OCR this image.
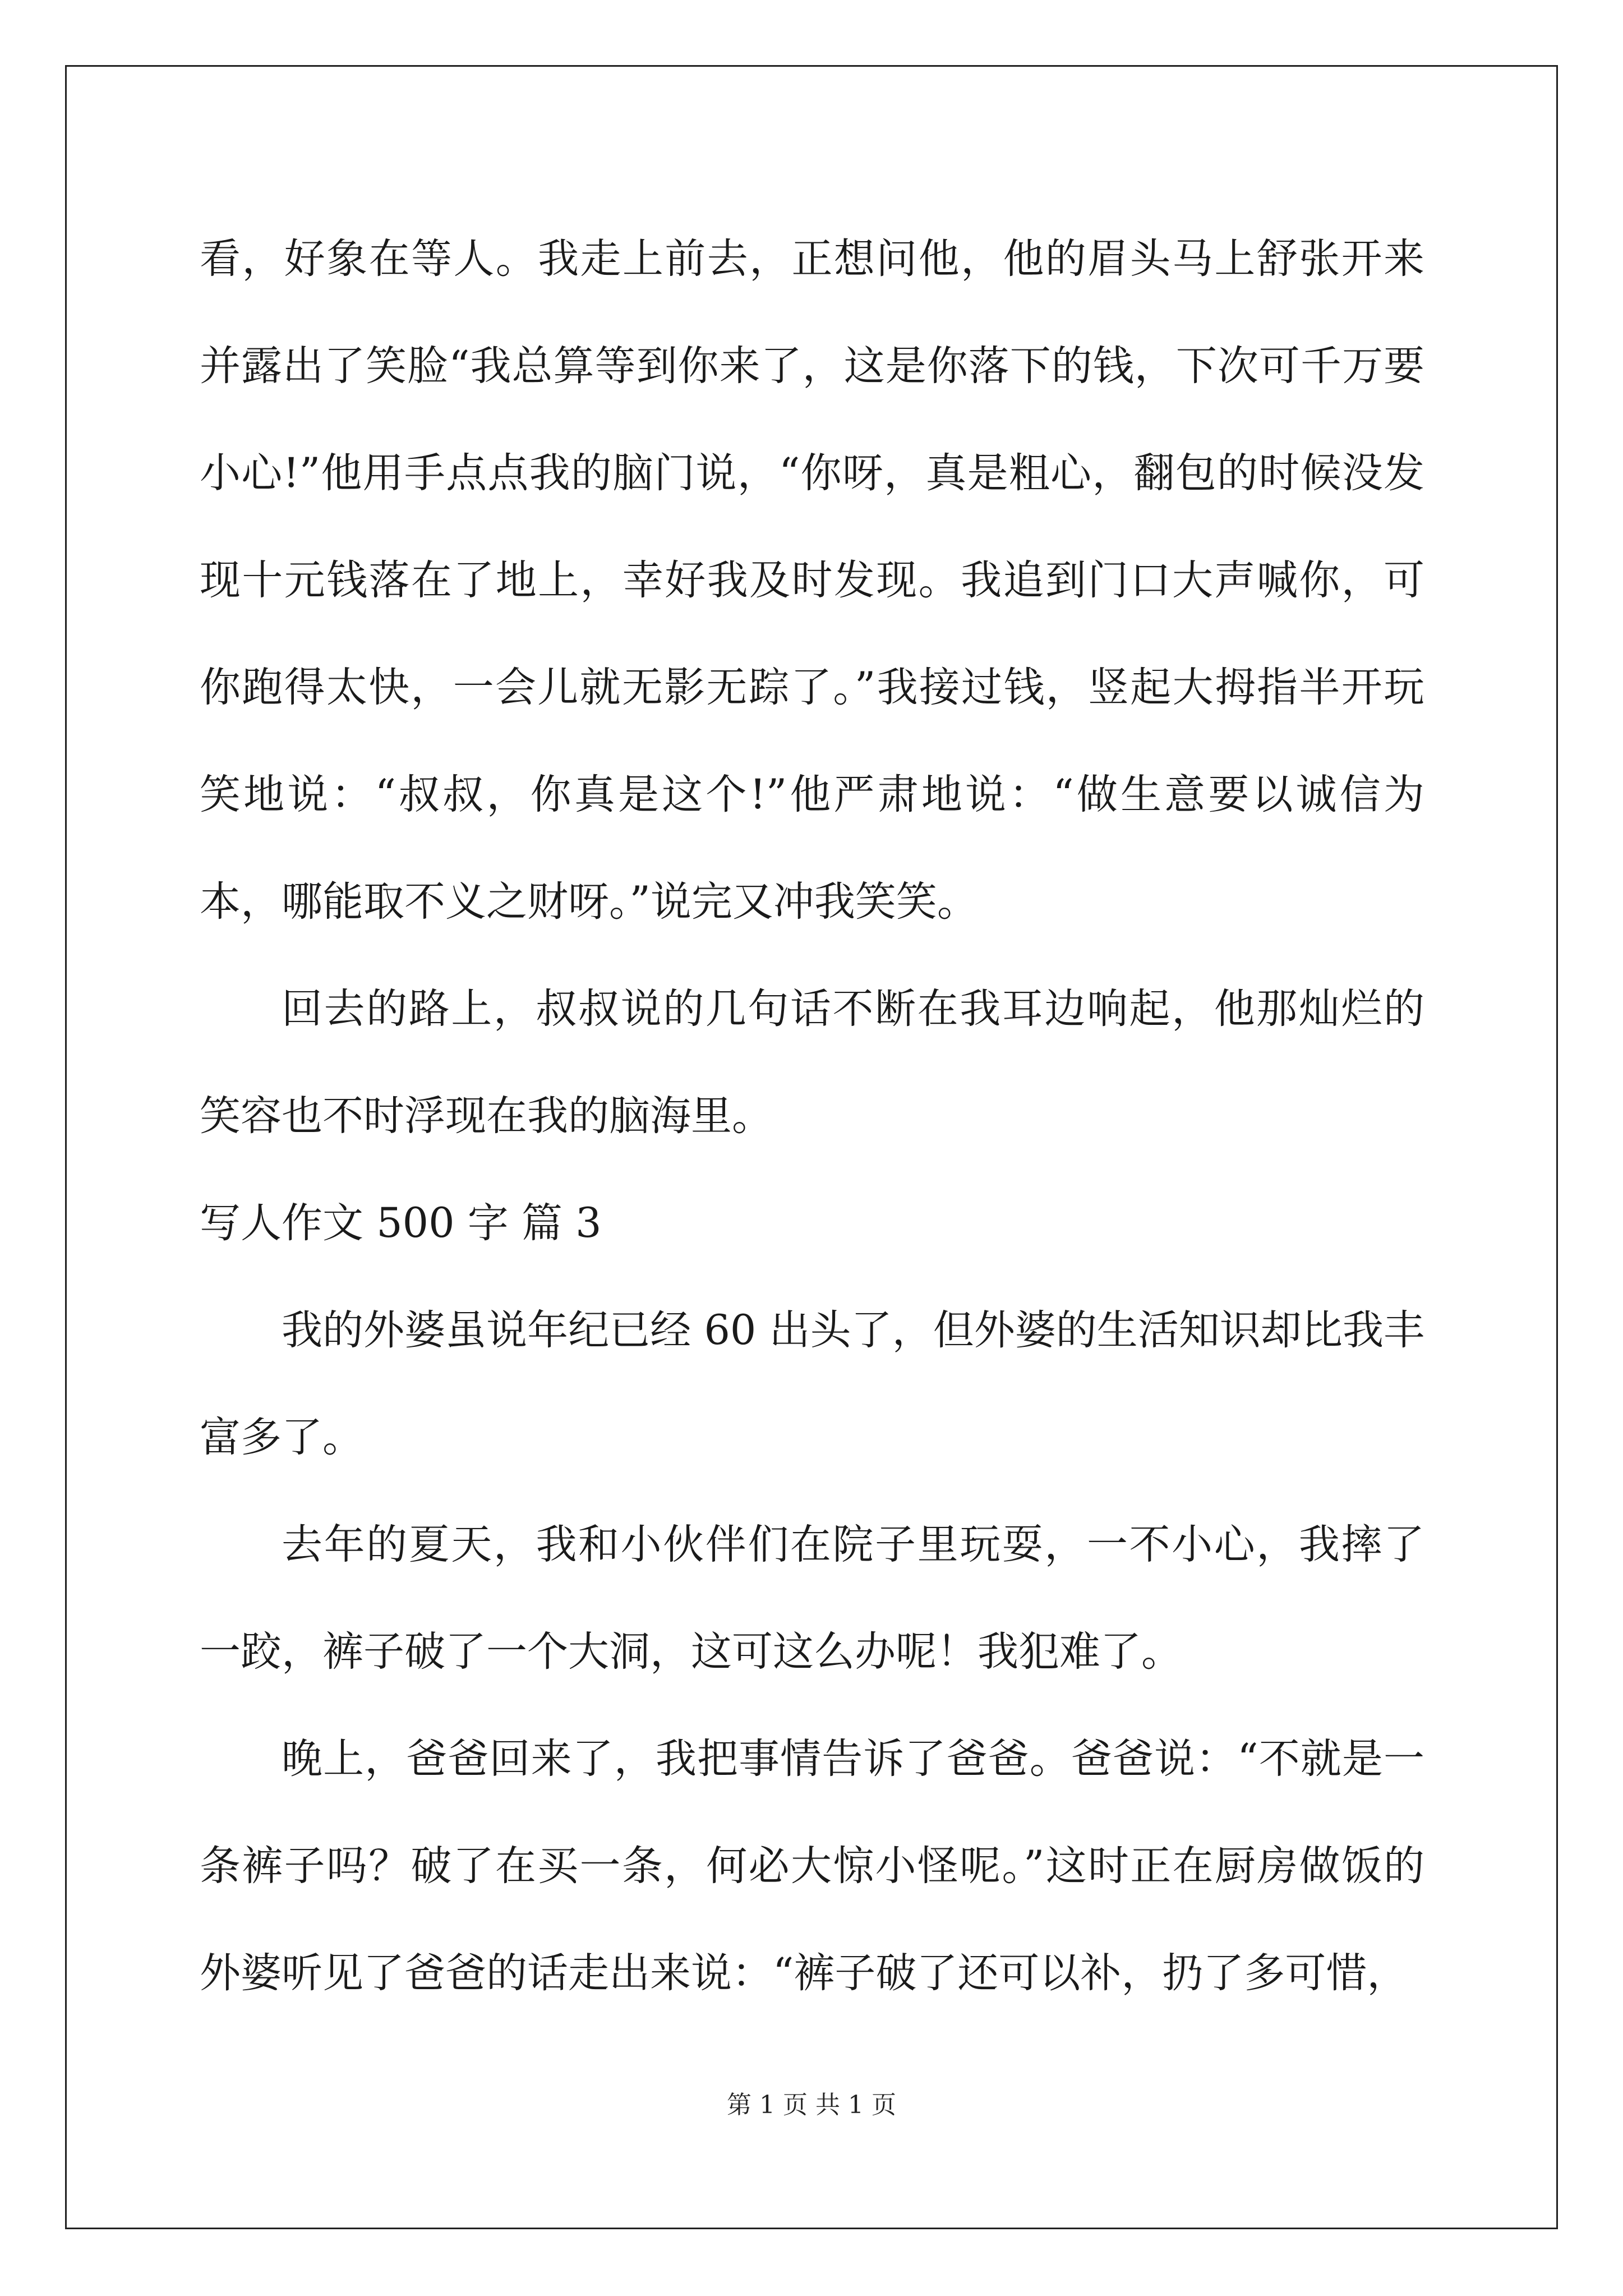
看，好象在等人。我走上前去，正想问他，他的眉头马上舒张开来并露出了笑脸“我总算等到你来了，这是你落下的钱，下次可千万要小心!”他用手点点我的脑门说，“你呀，真是粗心，翻包的时候没发现十元钱落在了地上，幸好我及时发现。我追到门口大声喊你，可你跑得太快，一会儿就无影无踪了。”我接过钱，竖起大拇指半开玩笑地说：“叔叔，你真是这个!”他严肃地说：“做生意要以诚信为本，哪能取不义之财呀。”说完又冲我笑笑。

回去的路上，叔叔说的几句话不断在我耳边响起，他那灿烂的笑容也不时浮现在我的脑海里。

写人作文 500 字 篇 3

我的外婆虽说年纪已经 60 出头了，但外婆的生活知识却比我丰富多了。

去年的夏天，我和小伙伴们在院子里玩耍，一不小心，我摔了一跤，裤子破了一个大洞，这可这么办呢！我犯难了。

晚上，爸爸回来了，我把事情告诉了爸爸。爸爸说：“不就是一条裤子吗？破了在买一条，何必大惊小怪呢。”这时正在厨房做饭的外婆听见了爸爸的话走出来说：“裤子破了还可以补，扔了多可惜，

第 1 页 共 1 页
